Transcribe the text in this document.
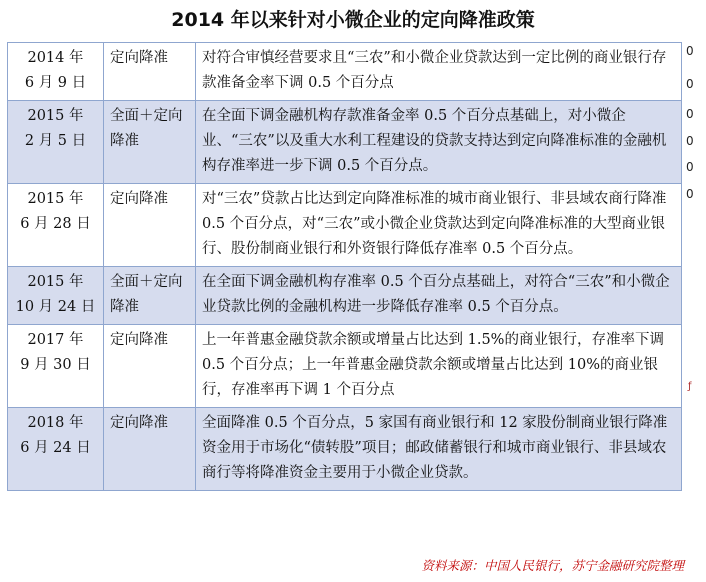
2014 年以来针对小微企业的定向降准政策
2014 年
6 月 9 日	定向降准	对符合审慎经营要求且“三农”和小微企业贷款达到一定比例的商业银行存款准备金率下调 0.5 个百分点
2015 年
2 月 5 日	全面＋定向降准	在全面下调金融机构存款准备金率 0.5 个百分点基础上，对小微企业、“三农”以及重大水利工程建设的贷款支持达到定向降准标准的金融机构存准率进一步下调 0.5 个百分点。
2015 年
6 月 28 日	定向降准	对“三农”贷款占比达到定向降准标准的城市商业银行、非县域农商行降准 0.5 个百分点，对“三农”或小微企业贷款达到定向降准标准的大型商业银行、股份制商业银行和外资银行降低存准率 0.5 个百分点。
2015 年
10 月 24 日	全面＋定向降准	在全面下调金融机构存准率 0.5 个百分点基础上，对符合“三农”和小微企业贷款比例的金融机构进一步降低存准率 0.5 个百分点。
2017 年
9 月 30 日	定向降准	上一年普惠金融贷款余额或增量占比达到 1.5%的商业银行，存准率下调 0.5 个百分点；上一年普惠金融贷款余额或增量占比达到 10%的商业银行，存准率再下调 1 个百分点
2018 年
6 月 24 日	定向降准	全面降准 0.5 个百分点，5 家国有商业银行和 12 家股份制商业银行降准资金用于市场化“债转股”项目；邮政储蓄银行和城市商业银行、非县域农商行等将降准资金主要用于小微企业贷款。
0
0
0
0
0
0
ƒ
资料来源：中国人民银行，苏宁金融研究院整理
